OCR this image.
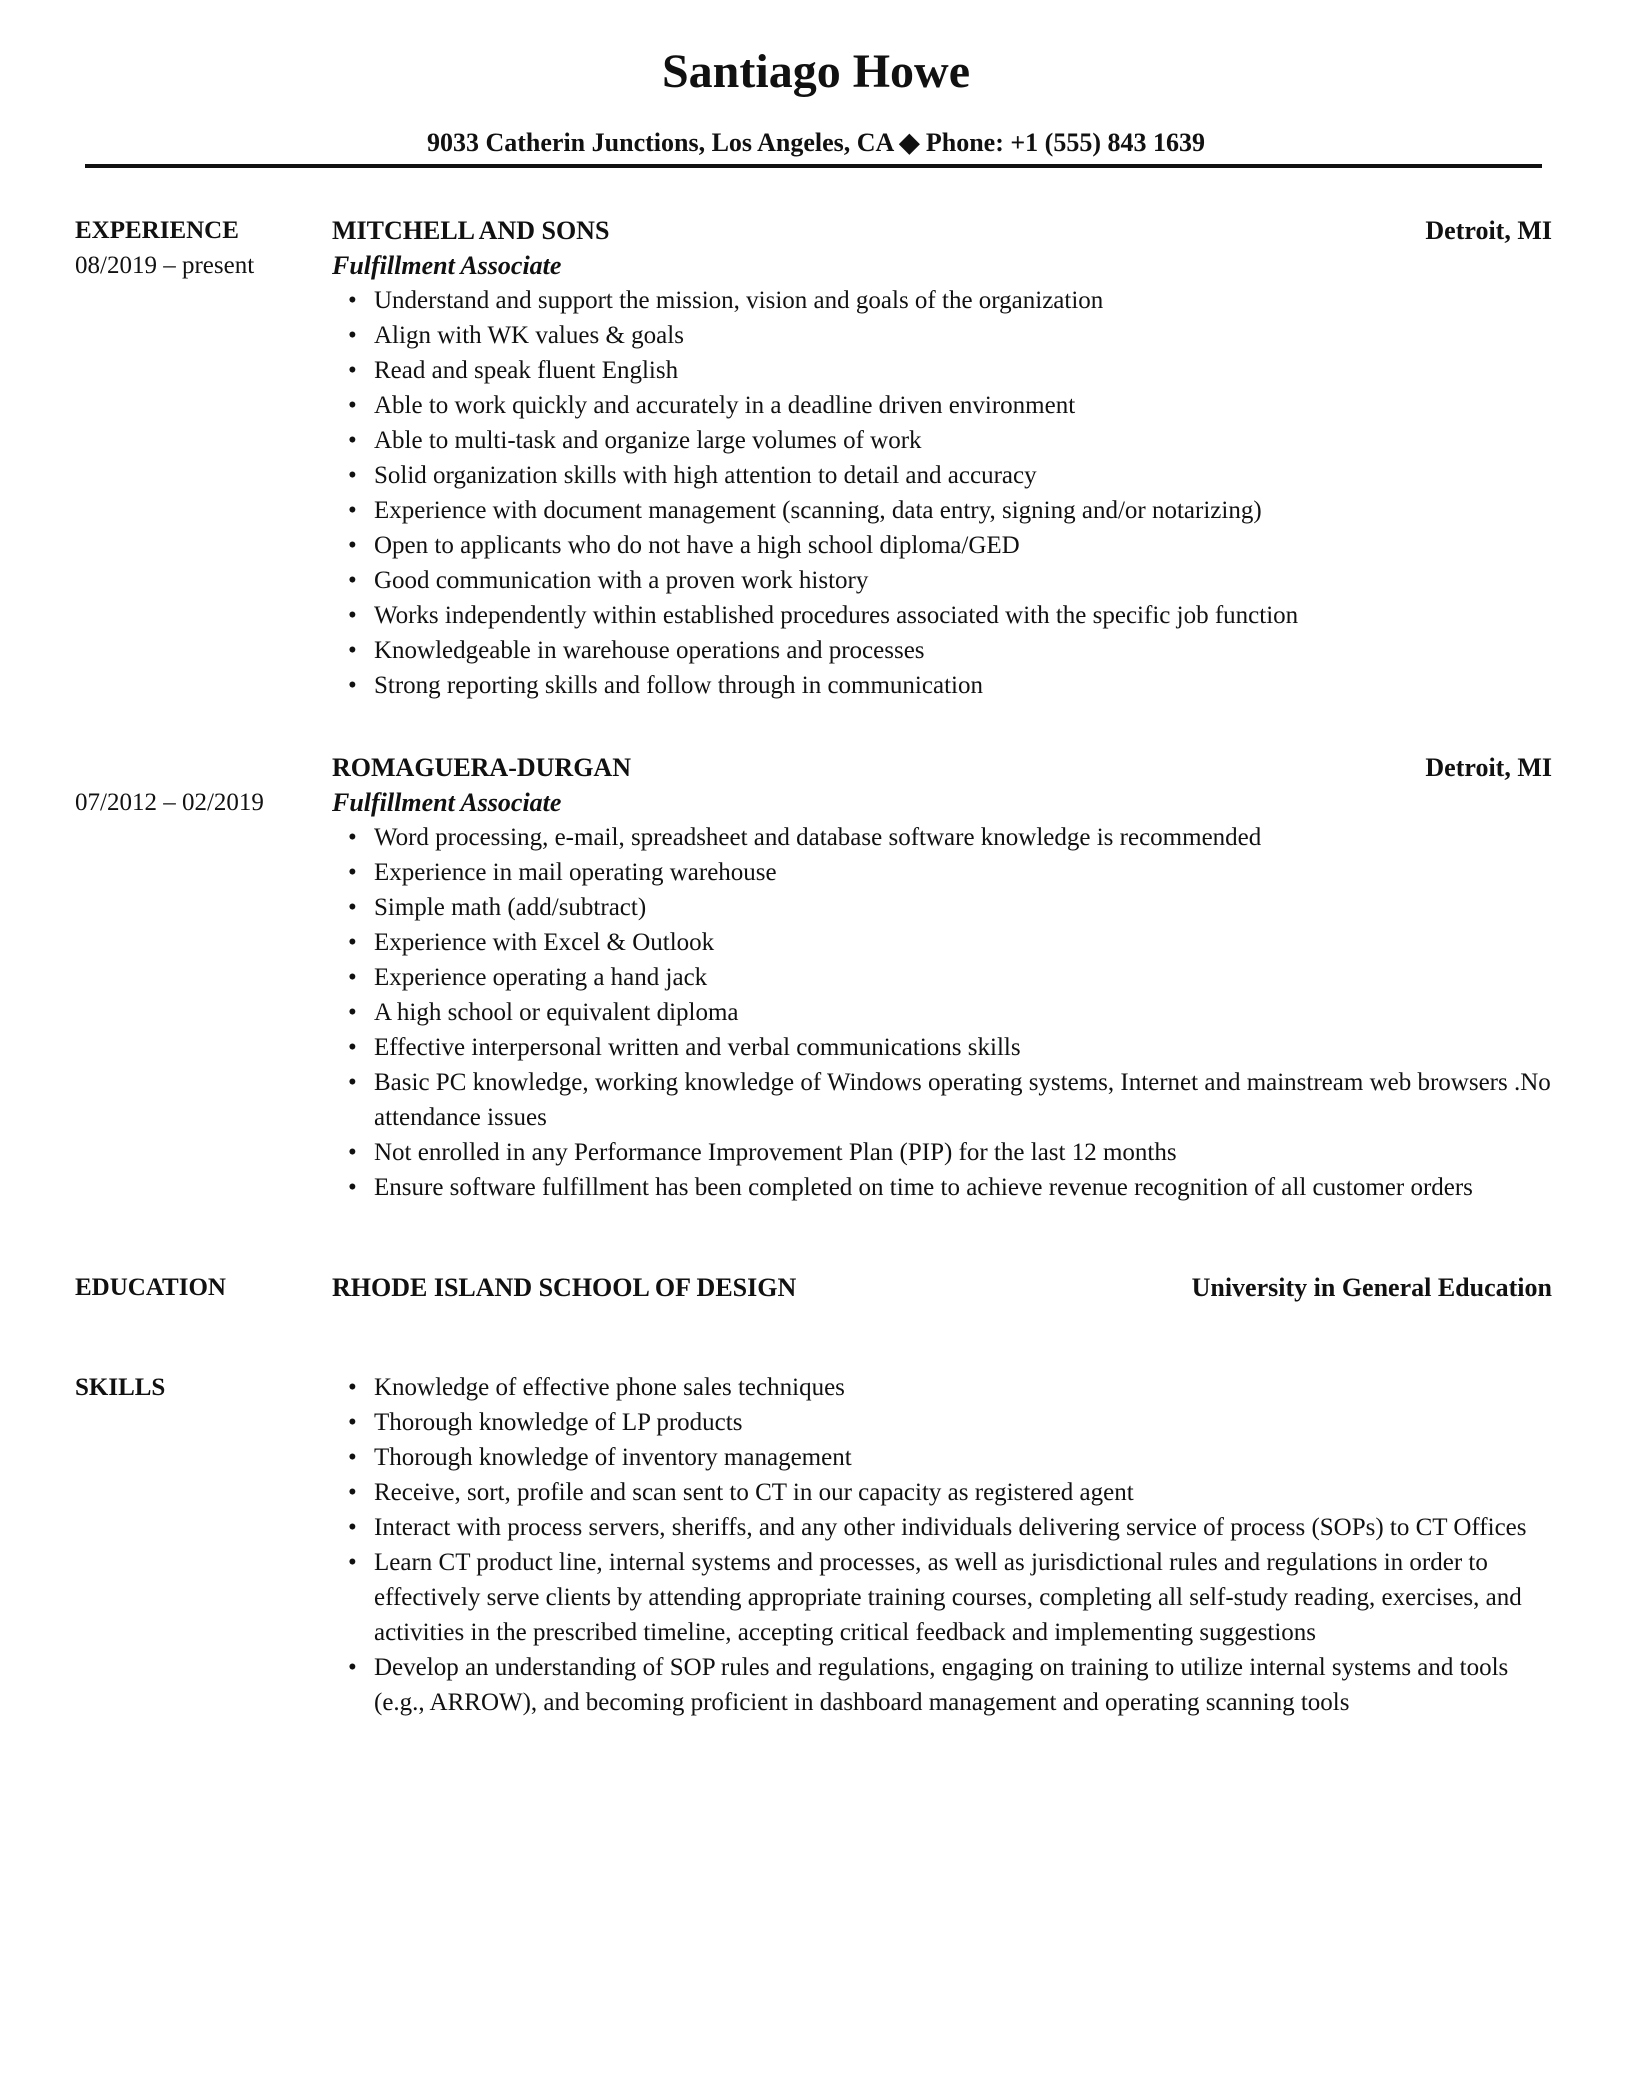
Santiago Howe
9033 Catherin Junctions, Los Angeles, CA ◆ Phone: +1 (555) 843 1639
EXPERIENCE
08/2019 – present
MITCHELL AND SONS	Detroit, MI
Fulfillment Associate
• Understand and support the mission, vision and goals of the organization
• Align with WK values & goals
• Read and speak fluent English
• Able to work quickly and accurately in a deadline driven environment
• Able to multi-task and organize large volumes of work
• Solid organization skills with high attention to detail and accuracy
• Experience with document management (scanning, data entry, signing and/or notarizing)
• Open to applicants who do not have a high school diploma/GED
• Good communication with a proven work history
• Works independently within established procedures associated with the specific job function
• Knowledgeable in warehouse operations and processes
• Strong reporting skills and follow through in communication
07/2012 – 02/2019
ROMAGUERA-DURGAN	Detroit, MI
Fulfillment Associate
• Word processing, e-mail, spreadsheet and database software knowledge is recommended
• Experience in mail operating warehouse
• Simple math (add/subtract)
• Experience with Excel & Outlook
• Experience operating a hand jack
• A high school or equivalent diploma
• Effective interpersonal written and verbal communications skills
• Basic PC knowledge, working knowledge of Windows operating systems, Internet and mainstream web browsers .No attendance issues
• Not enrolled in any Performance Improvement Plan (PIP) for the last 12 months
• Ensure software fulfillment has been completed on time to achieve revenue recognition of all customer orders
EDUCATION	RHODE ISLAND SCHOOL OF DESIGN	University in General Education
SKILLS	• Knowledge of effective phone sales techniques
• Thorough knowledge of LP products
• Thorough knowledge of inventory management
• Receive, sort, profile and scan sent to CT in our capacity as registered agent
• Interact with process servers, sheriffs, and any other individuals delivering service of process (SOPs) to CT Offices
• Learn CT product line, internal systems and processes, as well as jurisdictional rules and regulations in order to effectively serve clients by attending appropriate training courses, completing all self-study reading, exercises, and activities in the prescribed timeline, accepting critical feedback and implementing suggestions
• Develop an understanding of SOP rules and regulations, engaging on training to utilize internal systems and tools (e.g., ARROW), and becoming proficient in dashboard management and operating scanning tools
